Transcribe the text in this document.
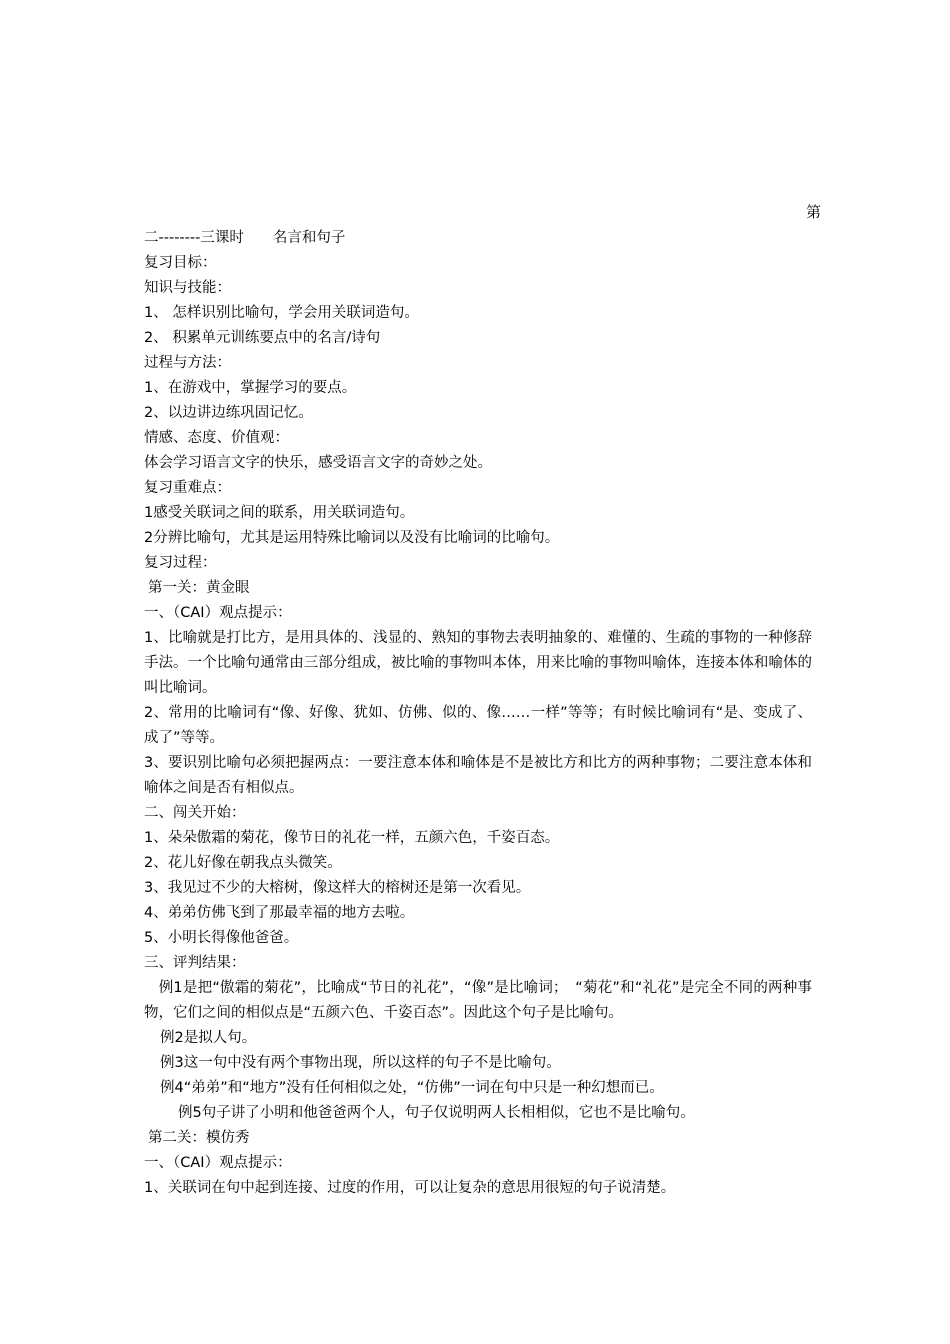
第

二--------三课时　　名言和句子

复习目标：

知识与技能：

1、 怎样识别比喻句，学会用关联词造句。

2、 积累单元训练要点中的名言/诗句

过程与方法：

1、在游戏中，掌握学习的要点。

2、以边讲边练巩固记忆。

情感、态度、价值观：

体会学习语言文字的快乐，感受语言文字的奇妙之处。

复习重难点：

1感受关联词之间的联系，用关联词造句。

2分辨比喻句，尤其是运用特殊比喻词以及没有比喻词的比喻句。

复习过程：

第一关：黄金眼

一、（CAI）观点提示：

1、比喻就是打比方，是用具体的、浅显的、熟知的事物去表明抽象的、难懂的、生疏的事物的一种修辞手法。一个比喻句通常由三部分组成，被比喻的事物叫本体，用来比喻的事物叫喻体，连接本体和喻体的叫比喻词。

2、常用的比喻词有“像、好像、犹如、仿佛、似的、像……一样”等等；有时候比喻词有“是、变成了、成了”等等。

3、要识别比喻句必须把握两点：一要注意本体和喻体是不是被比方和比方的两种事物；二要注意本体和喻体之间是否有相似点。

二、闯关开始：

1、朵朵傲霜的菊花，像节日的礼花一样，五颜六色，千姿百态。

2、花儿好像在朝我点头微笑。

3、我见过不少的大榕树，像这样大的榕树还是第一次看见。

4、弟弟仿佛飞到了那最幸福的地方去啦。

5、小明长得像他爸爸。

三、评判结果：

　例1是把“傲霜的菊花”，比喻成“节日的礼花”，“像”是比喻词；　“菊花”和“礼花”是完全不同的两种事物，它们之间的相似点是“五颜六色、千姿百态”。因此这个句子是比喻句。

例2是拟人句。

例3这一句中没有两个事物出现，所以这样的句子不是比喻句。

例4“弟弟”和“地方”没有任何相似之处，“仿佛”一词在句中只是一种幻想而已。

例5句子讲了小明和他爸爸两个人，句子仅说明两人长相相似，它也不是比喻句。

第二关：模仿秀

一、（CAI）观点提示：

1、关联词在句中起到连接、过度的作用，可以让复杂的意思用很短的句子说清楚。
